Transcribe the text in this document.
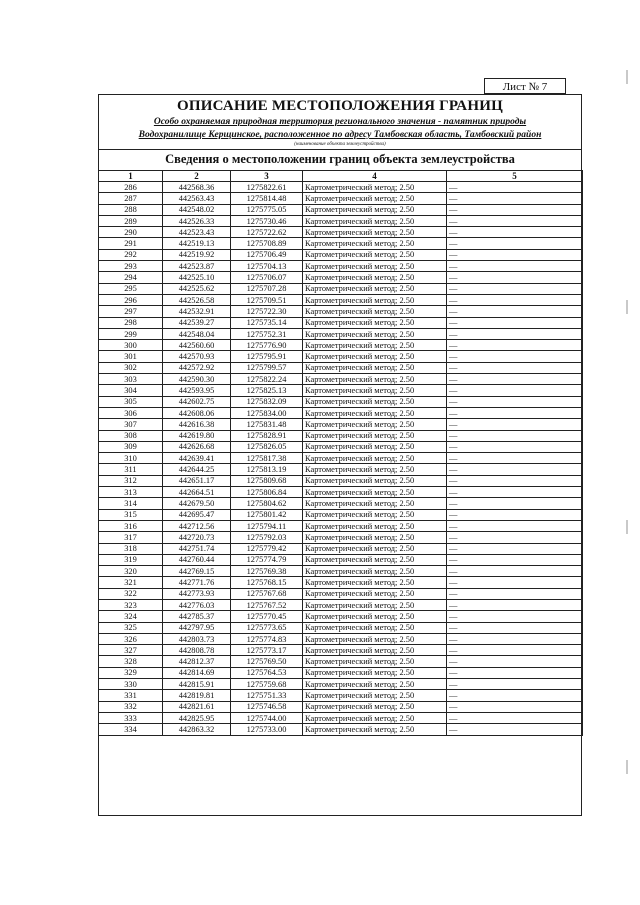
Лист № 7
ОПИСАНИЕ МЕСТОПОЛОЖЕНИЯ ГРАНИЦ
Особо охраняемая природная территория регионального значения - памятник природы
Водохранилище Керщинское, расположенное по адресу Тамбовская область, Тамбовский район
(наименование объекта землеустройства)
Сведения о местоположении границ объекта землеустройства
1	2	3	4	5
286	442568.36	1275822.61	Картометрический метод; 2.50	—
287	442563.43	1275814.48	Картометрический метод; 2.50	—
288	442548.02	1275775.05	Картометрический метод; 2.50	—
289	442526.33	1275730.46	Картометрический метод; 2.50	—
290	442523.43	1275722.62	Картометрический метод; 2.50	—
291	442519.13	1275708.89	Картометрический метод; 2.50	—
292	442519.92	1275706.49	Картометрический метод; 2.50	—
293	442523.87	1275704.13	Картометрический метод; 2.50	—
294	442525.10	1275706.07	Картометрический метод; 2.50	—
295	442525.62	1275707.28	Картометрический метод; 2.50	—
296	442526.58	1275709.51	Картометрический метод; 2.50	—
297	442532.91	1275722.30	Картометрический метод; 2.50	—
298	442539.27	1275735.14	Картометрический метод; 2.50	—
299	442548.04	1275752.31	Картометрический метод; 2.50	—
300	442560.60	1275776.90	Картометрический метод; 2.50	—
301	442570.93	1275795.91	Картометрический метод; 2.50	—
302	442572.92	1275799.57	Картометрический метод; 2.50	—
303	442590.30	1275822.24	Картометрический метод; 2.50	—
304	442593.95	1275825.13	Картометрический метод; 2.50	—
305	442602.75	1275832.09	Картометрический метод; 2.50	—
306	442608.06	1275834.00	Картометрический метод; 2.50	—
307	442616.38	1275831.48	Картометрический метод; 2.50	—
308	442619.80	1275828.91	Картометрический метод; 2.50	—
309	442626.68	1275826.05	Картометрический метод; 2.50	—
310	442639.41	1275817.38	Картометрический метод; 2.50	—
311	442644.25	1275813.19	Картометрический метод; 2.50	—
312	442651.17	1275809.68	Картометрический метод; 2.50	—
313	442664.51	1275806.84	Картометрический метод; 2.50	—
314	442679.50	1275804.62	Картометрический метод; 2.50	—
315	442695.47	1275801.42	Картометрический метод; 2.50	—
316	442712.56	1275794.11	Картометрический метод; 2.50	—
317	442720.73	1275792.03	Картометрический метод; 2.50	—
318	442751.74	1275779.42	Картометрический метод; 2.50	—
319	442760.44	1275774.79	Картометрический метод; 2.50	—
320	442769.15	1275769.38	Картометрический метод; 2.50	—
321	442771.76	1275768.15	Картометрический метод; 2.50	—
322	442773.93	1275767.68	Картометрический метод; 2.50	—
323	442776.03	1275767.52	Картометрический метод; 2.50	—
324	442785.37	1275770.45	Картометрический метод; 2.50	—
325	442797.95	1275773.65	Картометрический метод; 2.50	—
326	442803.73	1275774.83	Картометрический метод; 2.50	—
327	442808.78	1275773.17	Картометрический метод; 2.50	—
328	442812.37	1275769.50	Картометрический метод; 2.50	—
329	442814.69	1275764.53	Картометрический метод; 2.50	—
330	442815.91	1275759.68	Картометрический метод; 2.50	—
331	442819.81	1275751.33	Картометрический метод; 2.50	—
332	442821.61	1275746.58	Картометрический метод; 2.50	—
333	442825.95	1275744.00	Картометрический метод; 2.50	—
334	442863.32	1275733.00	Картометрический метод; 2.50	—
